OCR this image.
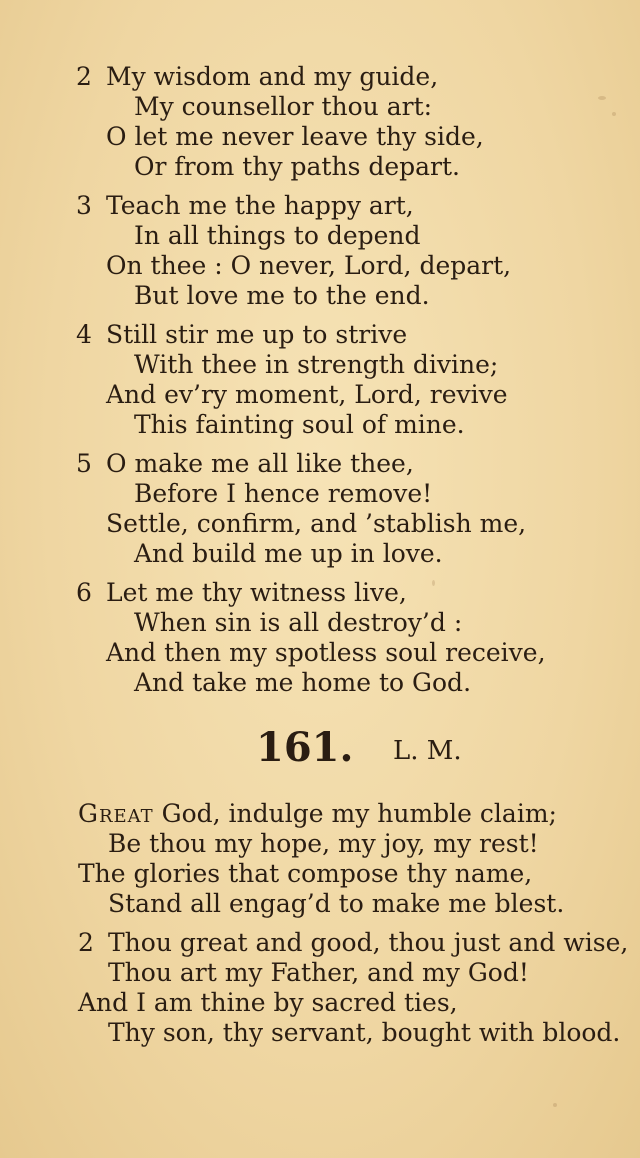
2 My wisdom and my guide,
My counsellor thou art:
O let me never leave thy side,
Or from thy paths depart.
3 Teach me the happy art,
In all things to depend
On thee : O never, Lord, depart,
But love me to the end.
4 Still stir me up to strive
With thee in strength divine;
And ev’ry moment, Lord, revive
This fainting soul of mine.
5 O make me all like thee,
Before I hence remove!
Settle, confirm, and ’stablish me,
And build me up in love.
6 Let me thy witness live,
When sin is all destroy’d :
And then my spotless soul receive,
And take me home to God.
161. L. M.
Great God, indulge my humble claim;
Be thou my hope, my joy, my rest!
The glories that compose thy name,
Stand all engag’d to make me blest.
2 Thou great and good, thou just and wise,
Thou art my Father, and my God!
And I am thine by sacred ties,
Thy son, thy servant, bought with blood.
